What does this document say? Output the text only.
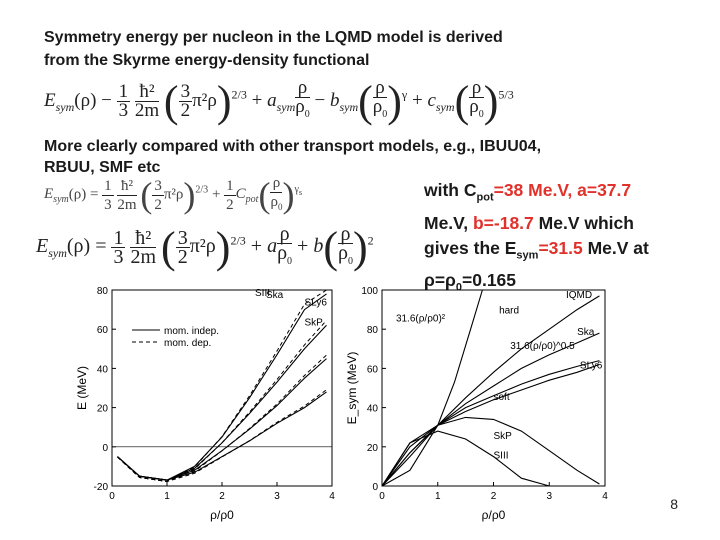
Symmetry energy per nucleon in the LQMD model is derived
from the Skyrme energy-density functional
$E_{sym}(\rho) - \frac{1}{3}$
$\frac{\text{ħ²}}{2m}$ ( $\frac{3}{2} \pi^2\rho)^{2/3} + a_{sym} \frac{\rho}{\rho_0} - b_{sym}( \frac{\rho}{\rho_0} )^\gamma + c_{sym}( \frac{\rho}{\rho_0} )^{5/3}$
More clearly compared with other transport models, e.g., IBUU04,
RBUU, SMF etc
$E_{sym}(\rho) = \frac{1}{3}$
$\frac{\text{ħ²}}{2m}$ ( $\frac{3}{2} \pi^2\rho)^{2/3} + \frac{1}{2} C_{pot}( \frac{\rho}{\rho_0} )^{\gamma_s}$
$E_{sym}(\rho) = \frac{1}{3}$
$\frac{\text{ħ²}}{2m}$ ( $\frac{3}{2} \pi^2\rho)^{2/3} + a \frac{\rho}{\rho_0} + b( \frac{\rho}{\rho_0} )^2$
with $C_{pot}=38$ Me.V, a=37.7
Me.V, b=-18.7 Me.V which
gives the $E_{sym}=31.5$ Me.V at
$\rho=\rho_0=0.165$
0	1	2	3	4
-20
0
20
40
60
80
ρ/ρ0
E (MeV)
SIII
Ska
SLy6
SkP
mom. indep.
mom. dep.
0	1	2	3	4
0
20
40
60
80
100
ρ/ρ0
E_sym (MeV)
IQMD
hard
31.6(ρ/ρ0)²
Ska
31.6(ρ/ρ0)^0.5
SLy6
soft
SkP
SIII
8
